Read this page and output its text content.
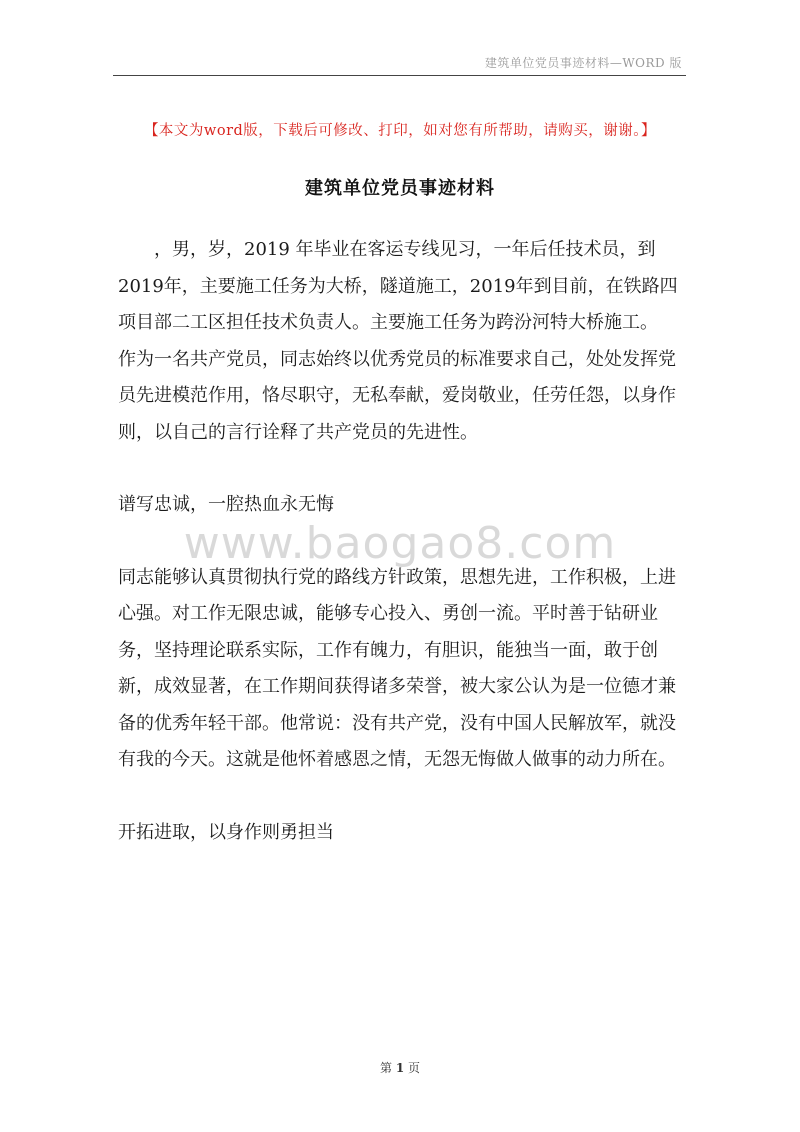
建筑单位党员事迹材料—WORD 版
【本文为word版，下载后可修改、打印，如对您有所帮助，请购买，谢谢。】
建筑单位党员事迹材料
www.baogao8.com

，男，岁，2019 年毕业在客运专线见习，一年后任技术员，到2019年，主要施工任务为大桥，隧道施工，2019年到目前，在铁路四项目部二工区担任技术负责人。主要施工任务为跨汾河特大桥施工。

作为一名共产党员，同志始终以优秀党员的标准要求自己，处处发挥党员先进模范作用，恪尽职守，无私奉献，爱岗敬业，任劳任怨，以身作则，以自己的言行诠释了共产党员的先进性。

谱写忠诚，一腔热血永无悔

同志能够认真贯彻执行党的路线方针政策，思想先进，工作积极，上进心强。对工作无限忠诚，能够专心投入、勇创一流。平时善于钻研业务，坚持理论联系实际，工作有魄力，有胆识，能独当一面，敢于创新，成效显著，在工作期间获得诸多荣誉，被大家公认为是一位德才兼备的优秀年轻干部。他常说：没有共产党，没有中国人民解放军，就没有我的今天。这就是他怀着感恩之情，无怨无悔做人做事的动力所在。

开拓进取，以身作则勇担当

第 1 页
